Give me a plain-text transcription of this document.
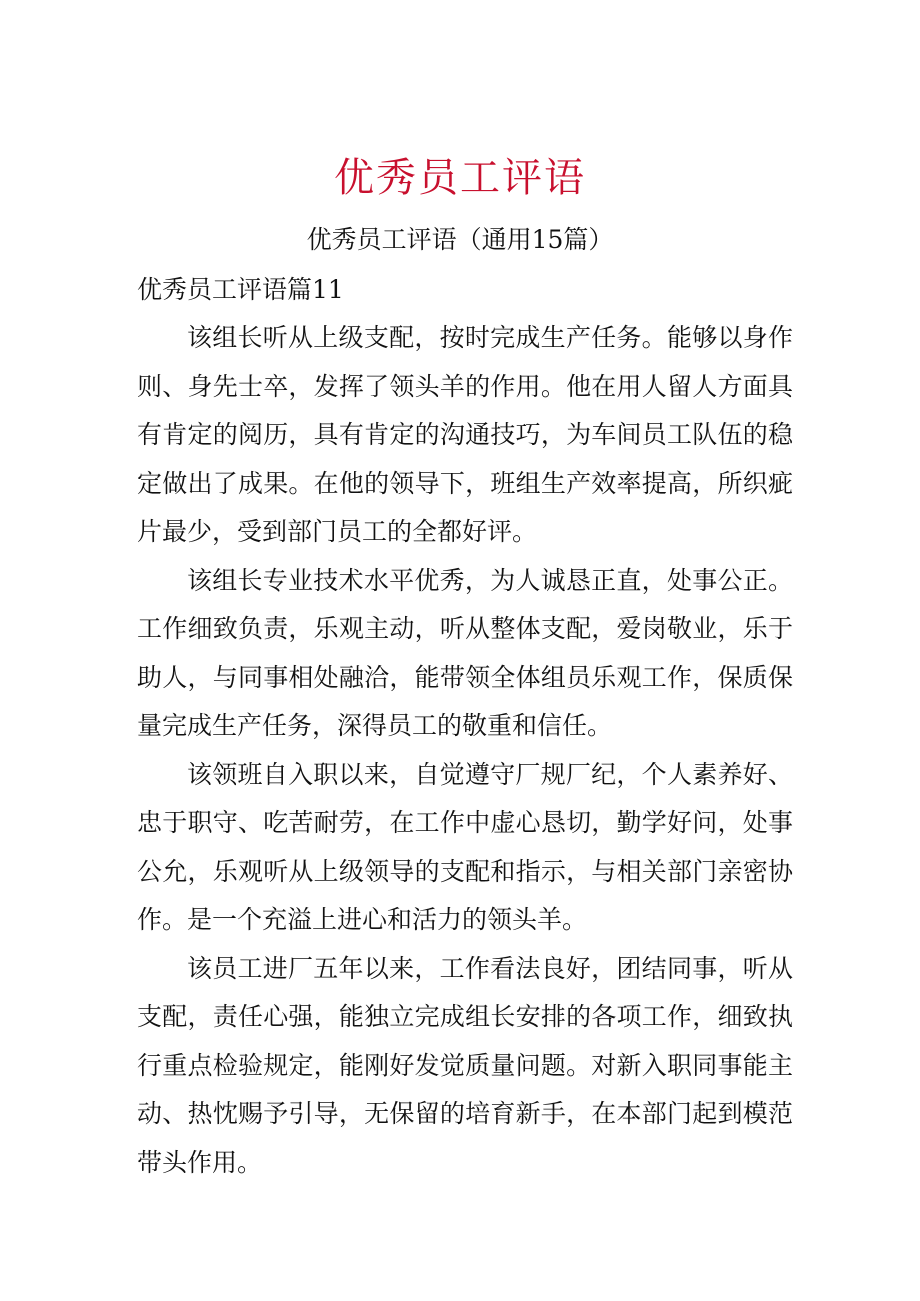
优秀员工评语
优秀员工评语（通用15篇）
优秀员工评语篇11

该组长听从上级支配，按时完成生产任务。能够以身作则、身先士卒，发挥了领头羊的作用。他在用人留人方面具有肯定的阅历，具有肯定的沟通技巧，为车间员工队伍的稳定做出了成果。在他的领导下，班组生产效率提高，所织疵片最少，受到部门员工的全都好评。

该组长专业技术水平优秀，为人诚恳正直，处事公正。工作细致负责，乐观主动，听从整体支配，爱岗敬业，乐于助人，与同事相处融洽，能带领全体组员乐观工作，保质保量完成生产任务，深得员工的敬重和信任。

该领班自入职以来，自觉遵守厂规厂纪，个人素养好、忠于职守、吃苦耐劳，在工作中虚心恳切，勤学好问，处事公允，乐观听从上级领导的支配和指示，与相关部门亲密协作。是一个充溢上进心和活力的领头羊。

该员工进厂五年以来，工作看法良好，团结同事，听从支配，责任心强，能独立完成组长安排的各项工作，细致执行重点检验规定，能刚好发觉质量问题。对新入职同事能主动、热忱赐予引导，无保留的培育新手，在本部门起到模范带头作用。
